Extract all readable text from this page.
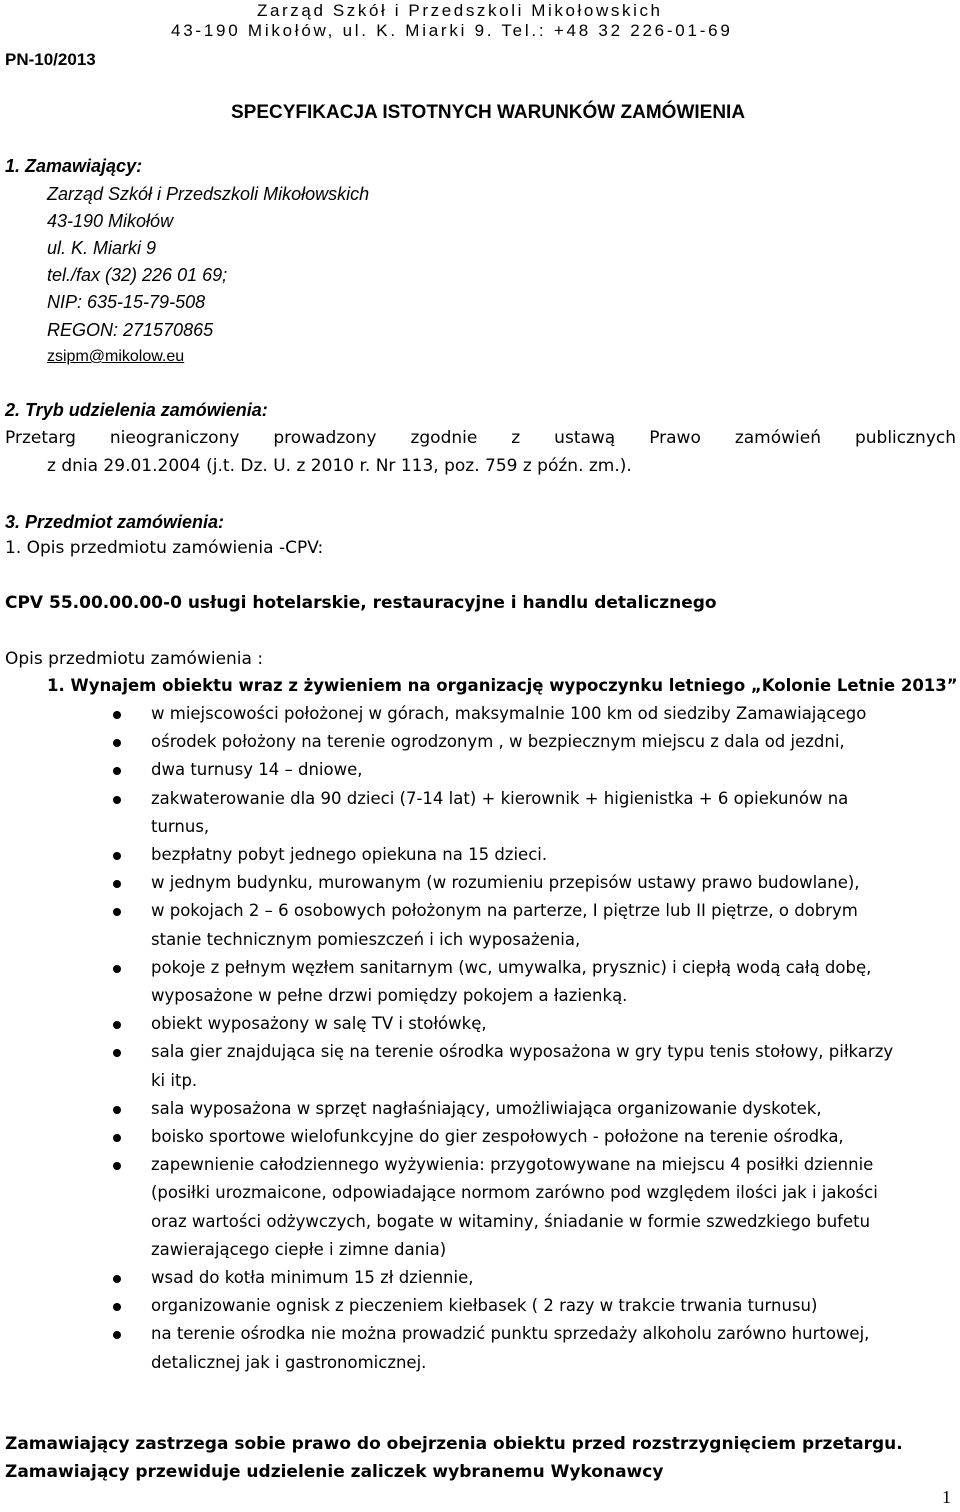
Zarząd Szkół i Przedszkoli Mikołowskich
43-190 Mikołów, ul. K. Miarki 9. Tel.: +48 32 226-01-69
PN-10/2013
SPECYFIKACJA ISTOTNYCH WARUNKÓW ZAMÓWIENIA
1. Zamawiający:
Zarząd Szkół i Przedszkoli Mikołowskich
43-190 Mikołów
ul. K. Miarki 9
tel./fax (32) 226 01 69;
NIP: 635-15-79-508
REGON: 271570865
zsipm@mikolow.eu
2. Tryb udzielenia zamówienia:
Przetarg nieograniczony prowadzony zgodnie z ustawą Prawo zamówień publicznych
z dnia 29.01.2004 (j.t. Dz. U. z 2010 r. Nr 113, poz. 759 z późn. zm.).
3. Przedmiot zamówienia:
1. Opis przedmiotu zamówienia -CPV:
CPV 55.00.00.00-0 usługi hotelarskie, restauracyjne i handlu detalicznego
Opis przedmiotu zamówienia :
1. Wynajem obiektu wraz z żywieniem na organizację wypoczynku letniego „Kolonie Letnie 2013”
w miejscowości położonej w górach, maksymalnie 100 km od siedziby Zamawiającego
ośrodek położony na terenie ogrodzonym , w bezpiecznym miejscu z dala od jezdni,
dwa turnusy 14 – dniowe,
zakwaterowanie dla 90 dzieci (7-14 lat) + kierownik + higienistka + 6 opiekunów na
turnus,
bezpłatny pobyt jednego opiekuna na 15 dzieci.
w jednym budynku, murowanym (w rozumieniu przepisów ustawy prawo budowlane),
w pokojach 2 – 6 osobowych położonym na parterze, I piętrze lub II piętrze, o dobrym
stanie technicznym pomieszczeń i ich wyposażenia,
pokoje z pełnym węzłem sanitarnym (wc, umywalka, prysznic) i ciepłą wodą całą dobę,
wyposażone w pełne drzwi pomiędzy pokojem a łazienką.
obiekt wyposażony w salę TV i stołówkę,
sala gier znajdująca się na terenie ośrodka wyposażona w gry typu tenis stołowy, piłkarzy
ki itp.
sala wyposażona w sprzęt nagłaśniający, umożliwiająca organizowanie dyskotek,
boisko sportowe wielofunkcyjne do gier zespołowych - położone na terenie ośrodka,
zapewnienie całodziennego wyżywienia: przygotowywane na miejscu 4 posiłki dziennie
(posiłki urozmaicone, odpowiadające normom zarówno pod względem ilości jak i jakości
oraz wartości odżywczych, bogate w witaminy, śniadanie w formie szwedzkiego bufetu
zawierającego ciepłe i zimne dania)
wsad do kotła minimum 15 zł dziennie,
organizowanie ognisk z pieczeniem kiełbasek ( 2 razy w trakcie trwania turnusu)
na terenie ośrodka nie można prowadzić punktu sprzedaży alkoholu zarówno hurtowej,
detalicznej jak i gastronomicznej.
Zamawiający zastrzega sobie prawo do obejrzenia obiektu przed rozstrzygnięciem przetargu.
Zamawiający przewiduje udzielenie zaliczek wybranemu Wykonawcy
1
